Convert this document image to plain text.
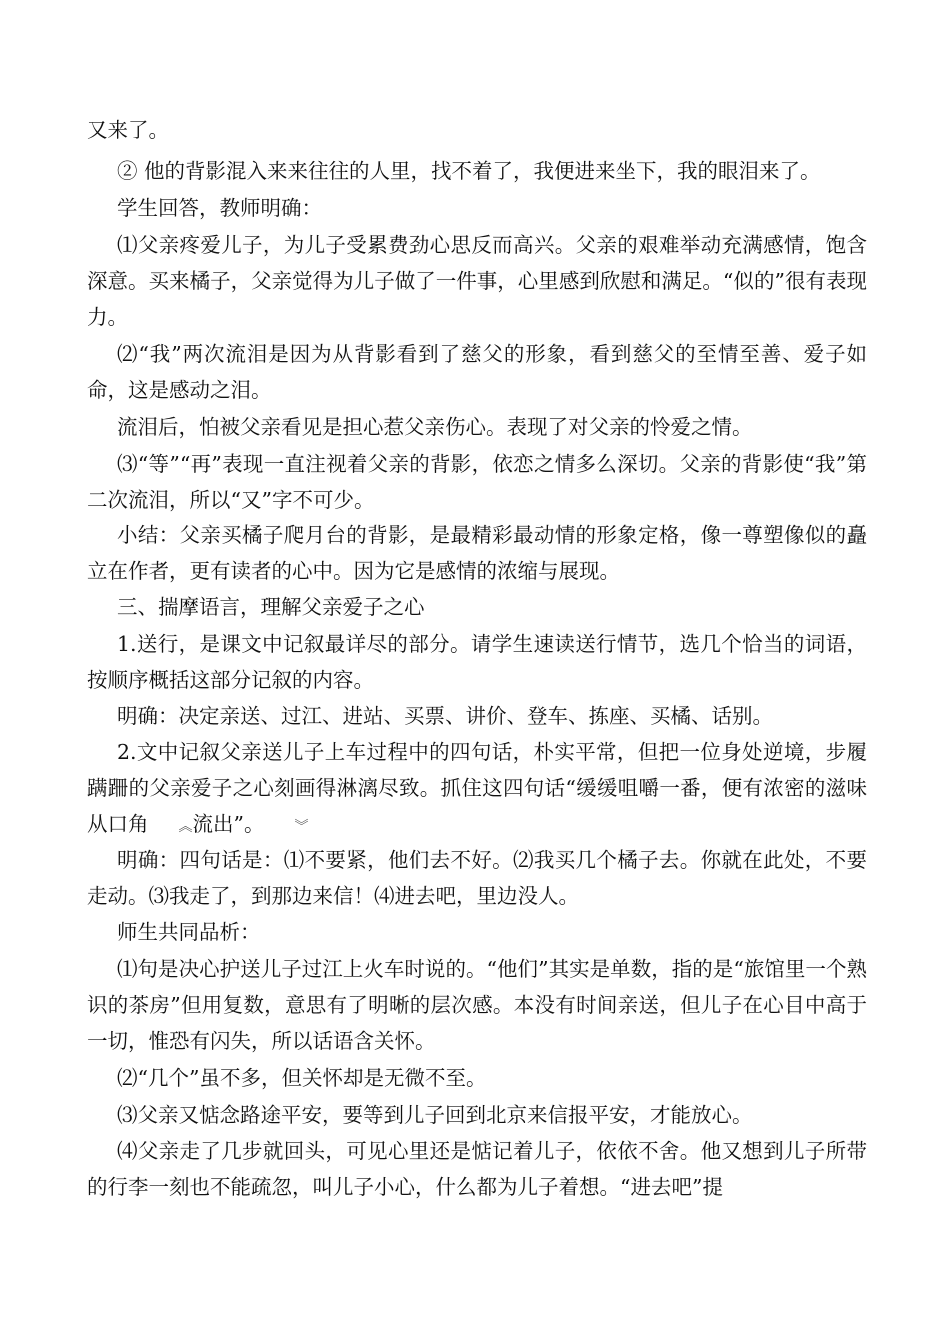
又来了。

② 他的背影混入来来往往的人里，找不着了，我便进来坐下，我的眼泪来了。

学生回答，教师明确：

⑴父亲疼爱儿子，为儿子受累费劲心思反而高兴。父亲的艰难举动充满感情，饱含深意。买来橘子，父亲觉得为儿子做了一件事，心里感到欣慰和满足。“似的”很有表现力。

⑵“我”两次流泪是因为从背影看到了慈父的形象，看到慈父的至情至善、爱子如命，这是感动之泪。

流泪后，怕被父亲看见是担心惹父亲伤心。表现了对父亲的怜爱之情。

⑶“等”“再”表现一直注视着父亲的背影，依恋之情多么深切。父亲的背影使“我”第二次流泪，所以“又”字不可少。

小结：父亲买橘子爬月台的背影，是最精彩最动情的形象定格，像一尊塑像似的矗立在作者，更有读者的心中。因为它是感情的浓缩与展现。

三、揣摩语言，理解父亲爱子之心

1.送行，是课文中记叙最详尽的部分。请学生速读送行情节，选几个恰当的词语，按顺序概括这部分记叙的内容。

明确：决定亲送、过江、进站、买票、讲价、登车、拣座、买橘、话别。

2.文中记叙父亲送儿子上车过程中的四句话，朴实平常，但把一位身处逆境，步履蹒跚的父亲爱子之心刻画得淋漓尽致。抓住这四句话“缓缓咀嚼一番，便有浓密的滋味从口角 ︽流出”。 ︾

明确：四句话是：⑴不要紧，他们去不好。⑵我买几个橘子去。你就在此处，不要走动。⑶我走了，到那边来信！⑷进去吧，里边没人。

师生共同品析：

⑴句是决心护送儿子过江上火车时说的。“他们”其实是单数，指的是“旅馆里一个熟识的茶房”但用复数，意思有了明晰的层次感。本没有时间亲送，但儿子在心目中高于一切，惟恐有闪失，所以话语含关怀。

⑵“几个”虽不多，但关怀却是无微不至。

⑶父亲又惦念路途平安，要等到儿子回到北京来信报平安，才能放心。

⑷父亲走了几步就回头，可见心里还是惦记着儿子，依依不舍。他又想到儿子所带的行李一刻也不能疏忽，叫儿子小心，什么都为儿子着想。“进去吧”提
